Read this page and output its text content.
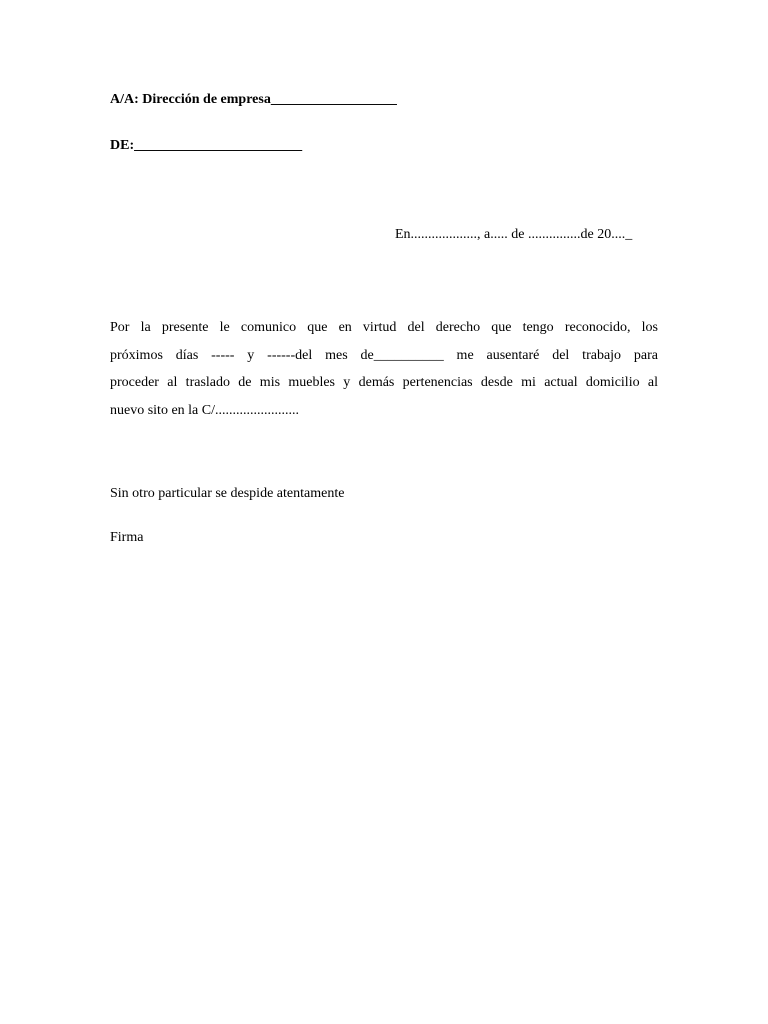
A/A: Dirección de empresa__________________
DE:________________________
En..................., a..... de ...............de 20...._
Por la presente le comunico que en virtud del derecho que tengo reconocido, los
próximos días ----- y ------del mes de__________ me ausentaré del trabajo para
proceder al traslado de mis muebles y demás pertenencias desde mi actual domicilio al
nuevo sito en la C/........................
Sin otro particular se despide atentamente
Firma
